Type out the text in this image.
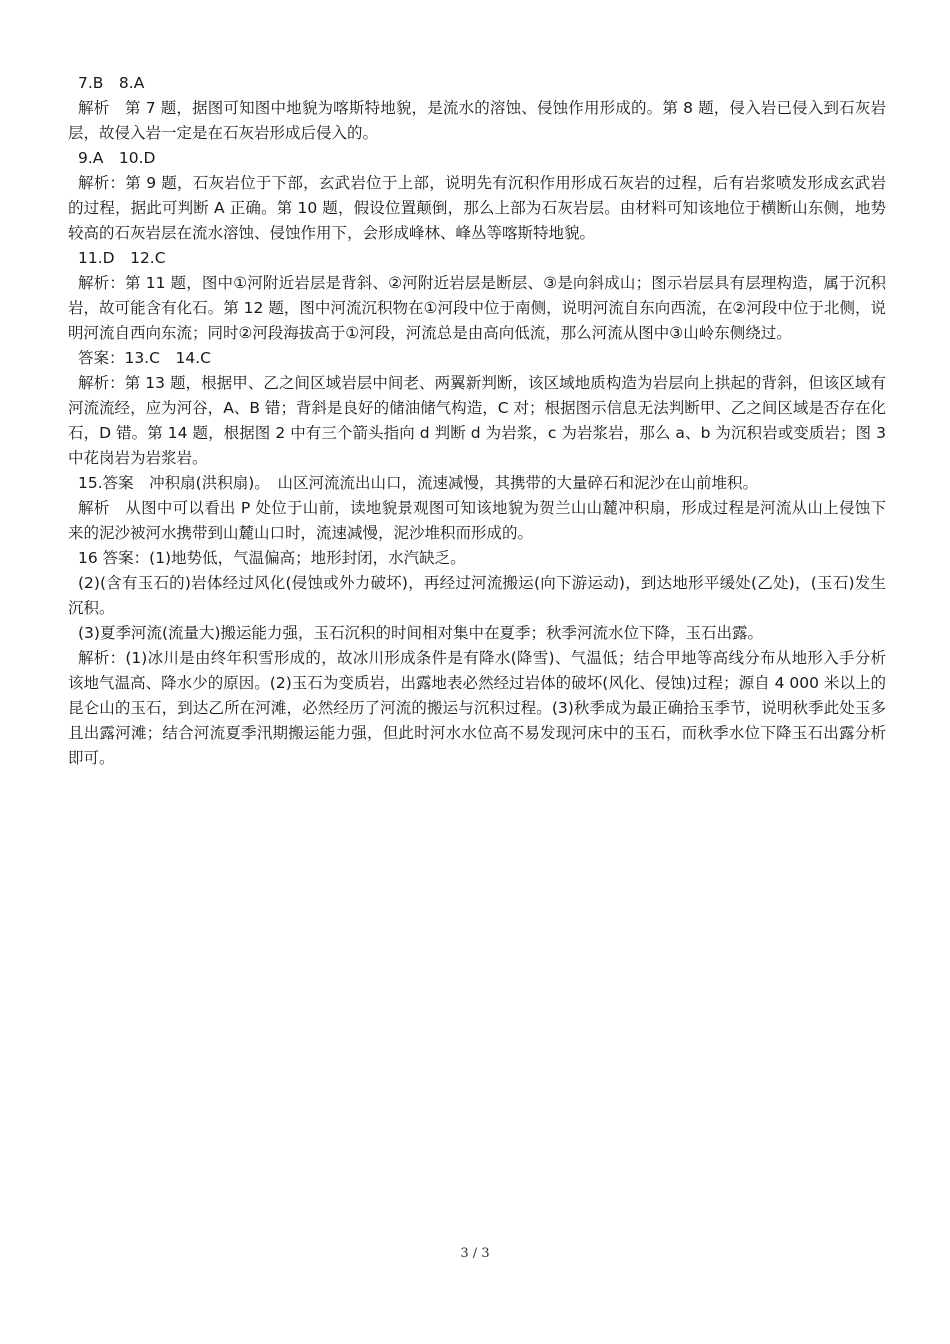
7.B　8.A

解析　第 7 题，据图可知图中地貌为喀斯特地貌，是流水的溶蚀、侵蚀作用形成的。第 8 题，侵入岩已侵入到石灰岩层，故侵入岩一定是在石灰岩形成后侵入的。

9.A　10.D

解析：第 9 题，石灰岩位于下部，玄武岩位于上部，说明先有沉积作用形成石灰岩的过程，后有岩浆喷发形成玄武岩的过程，据此可判断 A 正确。第 10 题，假设位置颠倒，那么上部为石灰岩层。由材料可知该地位于横断山东侧，地势较高的石灰岩层在流水溶蚀、侵蚀作用下，会形成峰林、峰丛等喀斯特地貌。

11.D　12.C

解析：第 11 题，图中①河附近岩层是背斜、②河附近岩层是断层、③是向斜成山；图示岩层具有层理构造，属于沉积岩，故可能含有化石。第 12 题，图中河流沉积物在①河段中位于南侧，说明河流自东向西流，在②河段中位于北侧，说明河流自西向东流；同时②河段海拔高于①河段，河流总是由高向低流，那么河流从图中③山岭东侧绕过。

答案：13.C　14.C

解析：第 13 题，根据甲、乙之间区域岩层中间老、两翼新判断，该区域地质构造为岩层向上拱起的背斜，但该区域有河流流经，应为河谷，A、B 错；背斜是良好的储油储气构造，C 对；根据图示信息无法判断甲、乙之间区域是否存在化石，D 错。第 14 题，根据图 2 中有三个箭头指向 d 判断 d 为岩浆，c 为岩浆岩，那么 a、b 为沉积岩或变质岩；图 3 中花岗岩为岩浆岩。

15.答案　冲积扇(洪积扇)。　山区河流流出山口，流速减慢，其携带的大量碎石和泥沙在山前堆积。

解析　从图中可以看出 P 处位于山前，读地貌景观图可知该地貌为贺兰山山麓冲积扇，形成过程是河流从山上侵蚀下来的泥沙被河水携带到山麓山口时，流速减慢，泥沙堆积而形成的。

16 答案：(1)地势低，气温偏高；地形封闭，水汽缺乏。

(2)(含有玉石的)岩体经过风化(侵蚀或外力破坏)，再经过河流搬运(向下游运动)，到达地形平缓处(乙处)，(玉石)发生沉积。

(3)夏季河流(流量大)搬运能力强，玉石沉积的时间相对集中在夏季；秋季河流水位下降，玉石出露。

解析：(1)冰川是由终年积雪形成的，故冰川形成条件是有降水(降雪)、气温低；结合甲地等高线分布从地形入手分析该地气温高、降水少的原因。(2)玉石为变质岩，出露地表必然经过岩体的破坏(风化、侵蚀)过程；源自 4 000 米以上的昆仑山的玉石，到达乙所在河滩，必然经历了河流的搬运与沉积过程。(3)秋季成为最正确拾玉季节，说明秋季此处玉多且出露河滩；结合河流夏季汛期搬运能力强，但此时河水水位高不易发现河床中的玉石，而秋季水位下降玉石出露分析即可。

3 / 3
